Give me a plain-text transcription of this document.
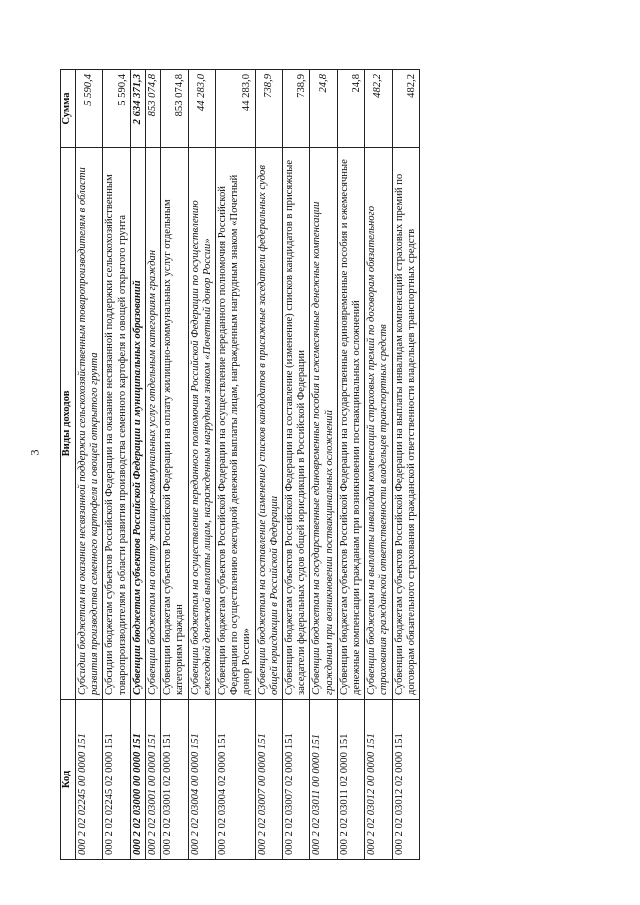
3
Код	Виды доходов	Сумма
000 2 02 02245 00 0000 151	Субсидии бюджетам на оказание несвязанной поддержки сельскохозяйственным товаропроизводителям в области развития производства семенного картофеля и овощей открытого грунта	5 590,4
000 2 02 02245 02 0000 151	Субсидии бюджетам субъектов Российской Федерации на оказание несвязанной поддержки сельскохозяйственным товаропроизводителям в области развития производства семенного картофеля и овощей открытого грунта	5 590,4
000 2 02 03000 00 0000 151	Субвенции бюджетам субъектов Российской Федерации и муниципальных образований	2 634 371,3
000 2 02 03001 00 0000 151	Субвенции бюджетам на оплату жилищно-коммунальных услуг отдельным категориям граждан	853 074,8
000 2 02 03001 02 0000 151	Субвенции бюджетам субъектов Российской Федерации на оплату жилищно-коммунальных услуг отдельным категориям граждан	853 074,8
000 2 02 03004 00 0000 151	Субвенции бюджетам на осуществление переданного полномочия Российской Федерации по осуществлению ежегодной денежной выплаты лицам, награжденным нагрудным знаком «Почетный донор России»	44 283,0
000 2 02 03004 02 0000 151	Субвенции бюджетам субъектов Российской Федерации на осуществление переданного полномочия Российской Федерации по осуществлению ежегодной денежной выплаты лицам, награжденным нагрудным знаком «Почетный донор России»	44 283,0
000 2 02 03007 00 0000 151	Субвенции бюджетам на составление (изменение) списков кандидатов в присяжные заседатели федеральных судов общей юрисдикции в Российской Федерации	738,9
000 2 02 03007 02 0000 151	Субвенции бюджетам субъектов Российской Федерации на составление (изменение) списков кандидатов в присяжные заседатели федеральных судов общей юрисдикции в Российской Федерации	738,9
000 2 02 03011 00 0000 151	Субвенции бюджетам на государственные единовременные пособия и ежемесячные денежные компенсации гражданам при возникновении поствакцинальных осложнений	24,8
000 2 02 03011 02 0000 151	Субвенции бюджетам субъектов Российской Федерации на государственные единовременные пособия и ежемесячные денежные компенсации гражданам при возникновении поствакцинальных осложнений	24,8
000 2 02 03012 00 0000 151	Субвенции бюджетам на выплаты инвалидам компенсаций страховых премий по договорам обязательного страхования гражданской ответственности владельцев транспортных средств	482,2
000 2 02 03012 02 0000 151	Субвенции бюджетам субъектов Российской Федерации на выплаты инвалидам компенсаций страховых премий по договорам обязательного страхования гражданской ответственности владельцев транспортных средств	482,2
